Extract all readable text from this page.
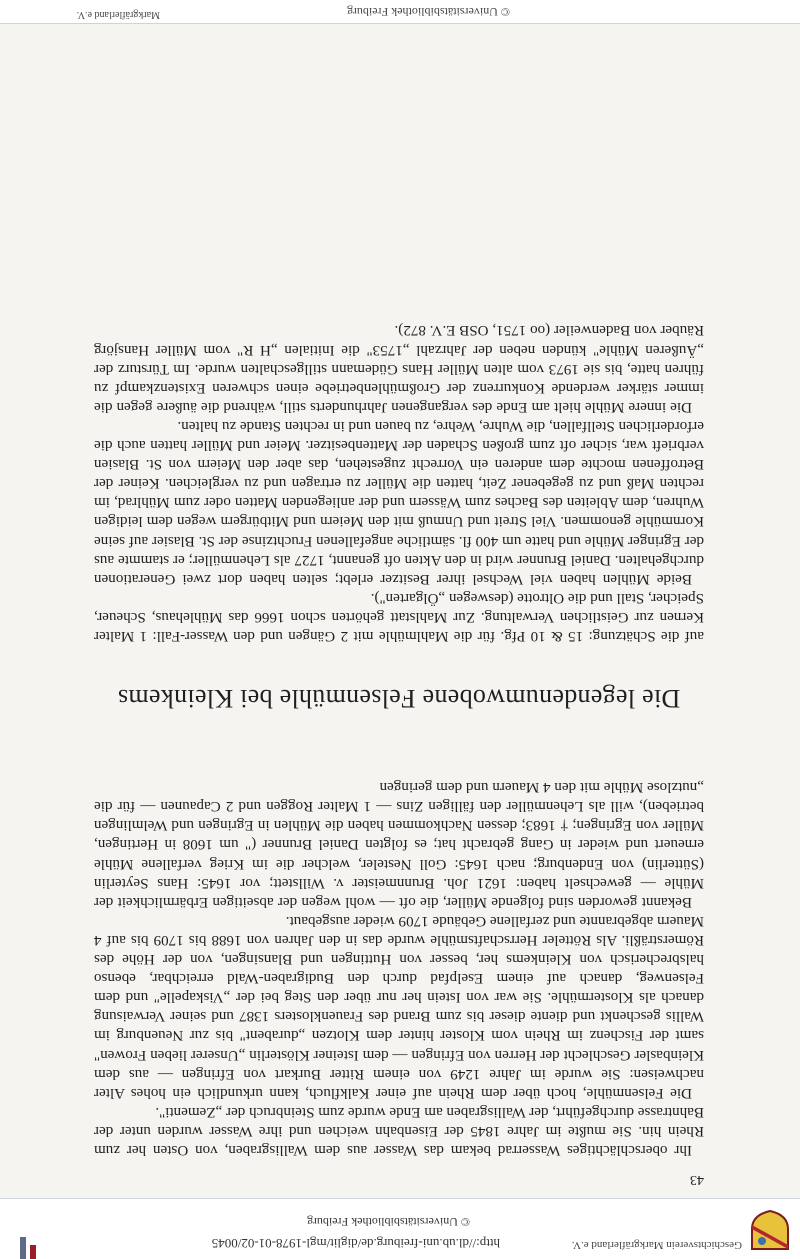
Geschichtsverein Markgräflerland e.V.
http://dl.ub.uni-freiburg.de/diglit/mgl-1978-01-02/0045
© Universitätsbibliothek Freiburg
43

Ihr oberschlächtiges Wasserrad bekam das Wasser aus dem Wallisgraben, von Osten her zum Rhein hin. Sie mußte im Jahre 1845 der Eisenbahn weichen und ihre Wasser wurden unter der Bahntrasse durchgeführt, der Wallisgraben am Ende wurde zum Steinbruch der „Zementi".

Die Felsenmühle, hoch über dem Rhein auf einer Kalkfluch, kann urkundlich ein hohes Alter nachweisen: Sie wurde im Jahre 1249 von einem Ritter Burkart von Efringen — aus dem Kleinbasler Geschlecht der Herren von Efringen — dem Isteiner Klösterlin „Unserer lieben Frowen" samt der Fischenz im Rhein vom Kloster hinter dem Klotzen „durabent" bis zur Neuenburg im Wallis geschenkt und diente dieser bis zum Brand des Frauenklosters 1387 und seiner Verwaisung danach als Klostermühle. Sie war von Istein her nur über den Steg bei der „Viskapelle" und dem Felsenweg, danach auf einem Eselpfad durch den Budigraben-Wald erreichbar, ebenso halsbrecherisch von Kleinkems her, besser von Huttingen und Blansingen, von der Höhe des Römersträßli. Als Rötteler Herrschaftsmühle wurde das in den Jahren von 1688 bis 1709 bis auf 4 Mauern abgebrannte und zerfallene Gebäude 1709 wieder ausgebaut.

Bekannt geworden sind folgende Müller, die oft — wohl wegen der abseitigen Erbärmlichkeit der Mühle — gewechselt haben: 1621 Joh. Brunnmeister v. Willstett; vor 1645: Hans Seyterlin (Sütterlin) von Endenburg; nach 1645: Goll Nesteler, welcher die im Krieg verfallene Mühle erneuert und wieder in Gang gebracht hat; es folgten Daniel Brunner (" um 1608 in Hertingen, Müller von Egringen; † 1683; dessen Nachkommen haben die Mühlen in Egringen und Welmlingen betrieben), will als Lehenmüller den fälligen Zins — 1 Malter Roggen und 2 Capaunen — für die „nutzlose Mühle mit den 4 Mauern und dem geringen

Die legendenumwobene Felsenmühle bei Kleinkems

auf die Schätzung: 15 & 10 Pfg. für die Mahlmühle mit 2 Gängen und den Wasser-Fall: 1 Malter Kernen zur Geistlichen Verwaltung. Zur Mahlstatt gehörten schon 1666 das Mühlehaus, Scheuer, Speicher, Stall und die Oltrotte (deswegen „Ölgarten").

Beide Mühlen haben viel Wechsel ihrer Besitzer erlebt; selten haben dort zwei Generationen durchgehalten. Daniel Brunner wird in den Akten oft genannt, 1727 als Lehenmüller; er stammte aus der Egringer Mühle und hatte um 400 fl. sämtliche angefallenen Fruchtzinse der St. Blasier auf seine Kornmühle genommen. Viel Streit und Unmuß mit den Meiern und Mitbürgern wegen dem leidigen Wuhren, dem Ableiten des Baches zum Wässern und der anliegenden Matten oder zum Mühlrad, im rechten Maß und zu gegebener Zeit, hatten die Müller zu ertragen und zu vergleichen. Keiner der Betroffenen mochte dem anderen ein Vorrecht zugestehen, das aber den Meiern von St. Blasien verbrieft war, sicher oft zum großen Schaden der Mattenbesitzer. Meier und Müller hatten auch die erforderlichen Stellfallen, die Wuhre, Wehre, zu bauen und in rechten Stande zu halten.

Die innere Mühle hielt am Ende des vergangenen Jahrhunderts still, während die äußere gegen die immer stärker werdende Konkurrenz der Großmühlenbetriebe einen schweren Existenzkampf zu führen hatte, bis sie 1973 vom alten Müller Hans Güdemann stillgeschalten wurde. Im Türsturz der „Äußeren Mühle" künden neben der Jahrzahl „1753" die Initialen „H R" vom Müller Hansjörg Räuber von Badenweiler (oo 1751, OSB E.V. 872).

© Universitätsbibliothek Freiburg
Markgräflerland e.V.
